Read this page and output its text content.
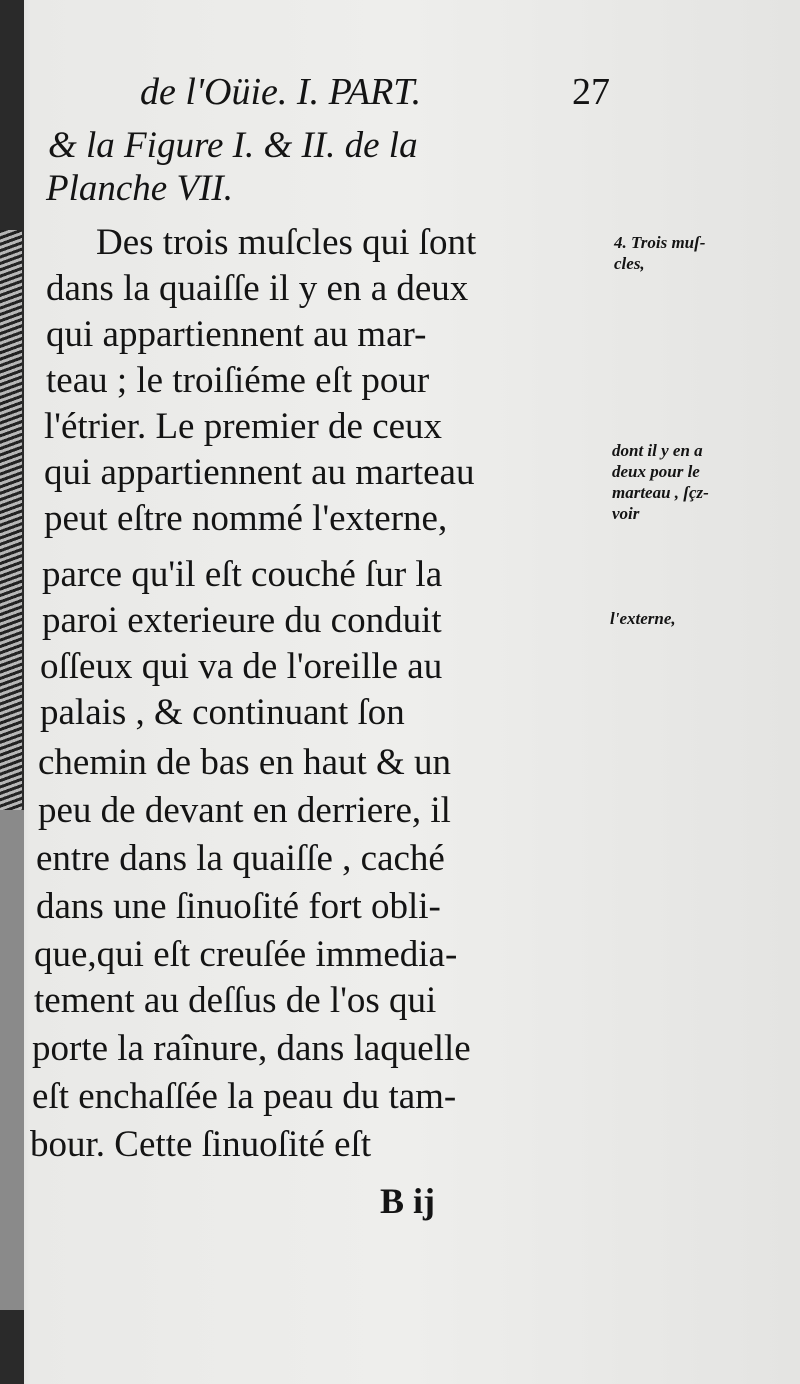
de l'Oüie. I. PART.	27
& la Figure I. & II. de la
Planche VII.
Des trois muſcles qui ſont
dans la quaiſſe il y en a deux
qui appartiennent au mar-
teau ; le troiſiéme eſt pour
l'étrier. Le premier de ceux
qui appartiennent au marteau
peut eſtre nommé l'externe,
parce qu'il eſt couché ſur la
paroi exterieure du conduit
oſſeux qui va de l'oreille au
palais , & continuant ſon
chemin de bas en haut & un
peu de devant en derriere, il
entre dans la quaiſſe , caché
dans une ſinuoſité fort obli-
que,qui eſt creuſée immedia-
tement au deſſus de l'os qui
porte la raînure, dans laquelle
eſt enchaſſée la peau du tam-
bour. Cette ſinuoſité eſt
4. Trois muſ-
cles,
dont il y en a
deux pour le
marteau , ſçz-
voir
l'externe,
B ij
